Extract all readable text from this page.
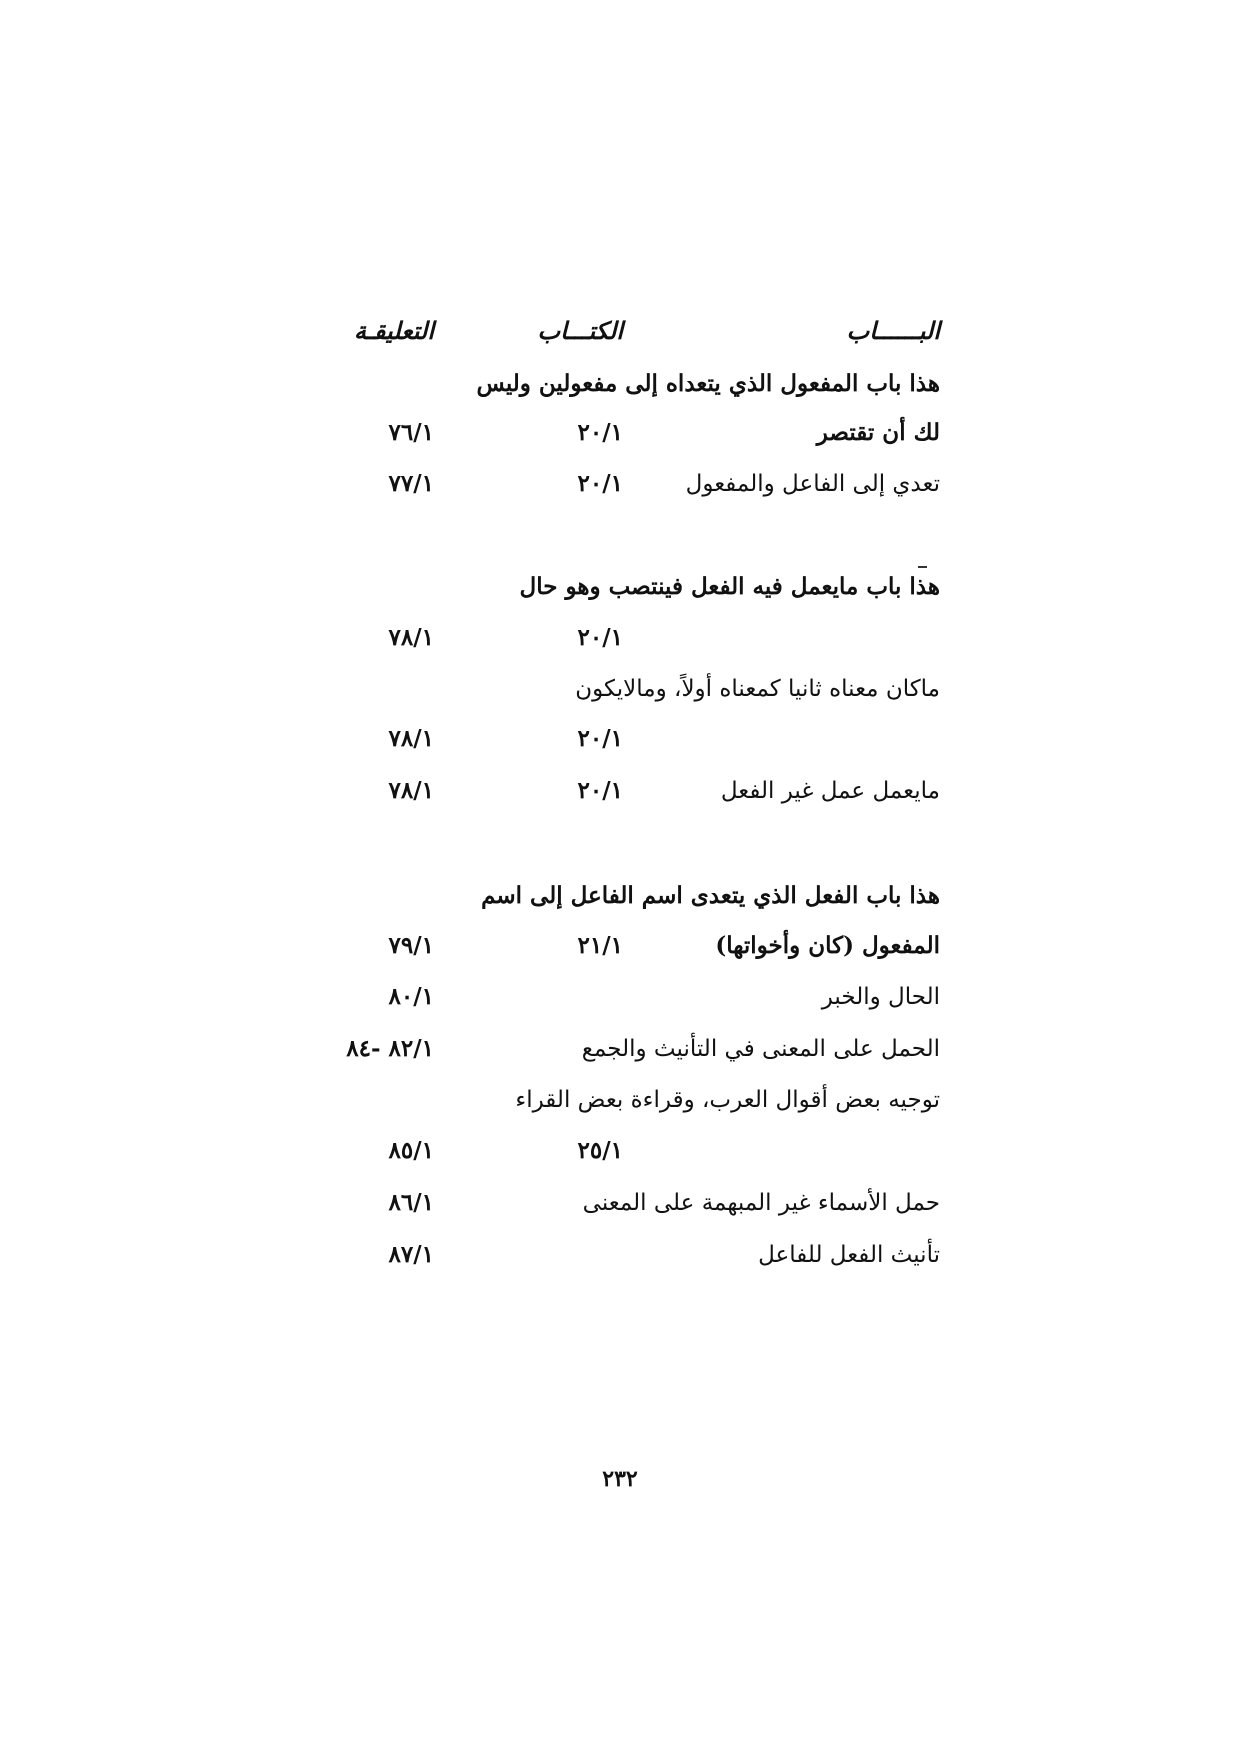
البــــــاب
الكتـــاب
التعليقـة
هذا باب المفعول الذي يتعداه إلى مفعولين وليس
لك أن تقتصر
٢٠/١
٧٦/١
تعدي إلى الفاعل والمفعول
٢٠/١
٧٧/١
هذا باب مايعمل فيه الفعل فينتصب وهو حال
٢٠/١
٧٨/١
ماكان معناه ثانيا كمعناه أولاً، ومالايكون
٢٠/١
٧٨/١
مايعمل عمل غير الفعل
٢٠/١
٧٨/١
هذا باب الفعل الذي يتعدى اسم الفاعل إلى اسم
المفعول (كان وأخواتها)
٢١/١
٧٩/١
الحال والخبر
٨٠/١
الحمل على المعنى في التأنيث والجمع
٨٢/١ -٨٤
توجيه بعض أقوال العرب، وقراءة بعض القراء
٢٥/١
٨٥/١
حمل الأسماء غير المبهمة على المعنى
٨٦/١
تأنيث الفعل للفاعل
٨٧/١
٢٣٢
